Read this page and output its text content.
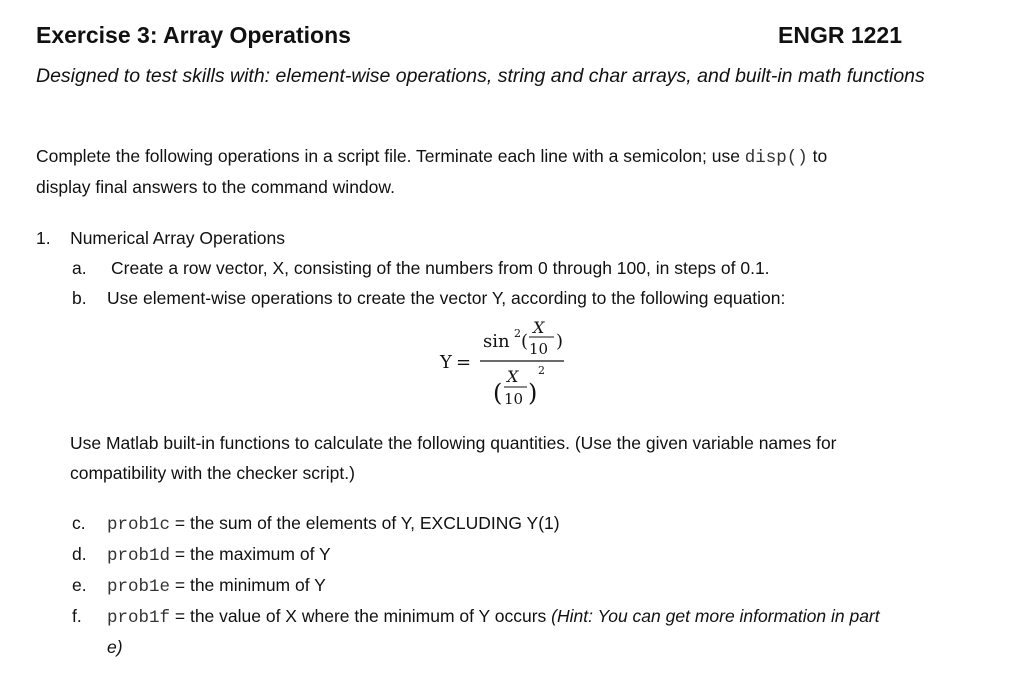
Exercise 3: Array Operations	ENGR 1221
Designed to test skills with: element-wise operations, string and char arrays, and built-in math functions
Complete the following operations in a script file. Terminate each line with a semicolon; use disp() to
display final answers to the command window.
1. Numerical Array Operations
a. Create a row vector, X, consisting of the numbers from 0 through 100, in steps of 0.1.
b. Use element-wise operations to create the vector Y, according to the following equation:
Y =
sin 2 (
X
10 )
(
X
10 )
2
Use Matlab built-in functions to calculate the following quantities. (Use the given variable names for
compatibility with the checker script.)
c. prob1c = the sum of the elements of Y, EXCLUDING Y(1)
d. prob1d = the maximum of Y
e. prob1e = the minimum of Y
f. prob1f = the value of X where the minimum of Y occurs (Hint: You can get more information in part
e)
